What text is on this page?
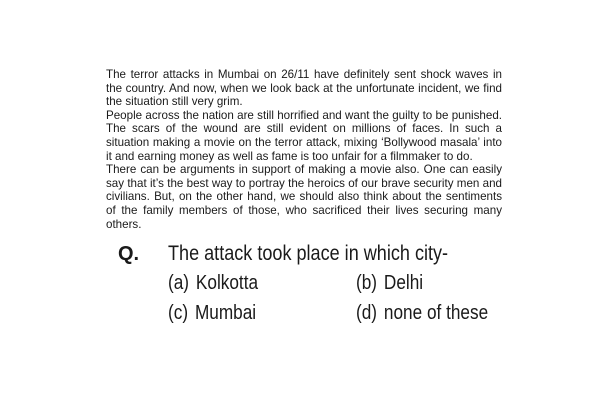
The terror attacks in Mumbai on 26/11 have definitely sent shock waves in the country. And now, when we look back at the unfortunate incident, we find the situation still very grim.

People across the nation are still horrified and want the guilty to be punished. The scars of the wound are still evident on millions of faces. In such a situation making a movie on the terror attack, mixing ‘Bollywood masala’ into it and earning money as well as fame is too unfair for a filmmaker to do.

There can be arguments in support of making a movie also. One can easily say that it’s the best way to portray the heroics of our brave security men and civilians. But, on the other hand, we should also think about the sentiments of the family members of those, who sacrificed their lives securing many others.

Q.	The attack took place in which city-
(a) Kolkotta	(b) Delhi
(c) Mumbai	(d) none of these
